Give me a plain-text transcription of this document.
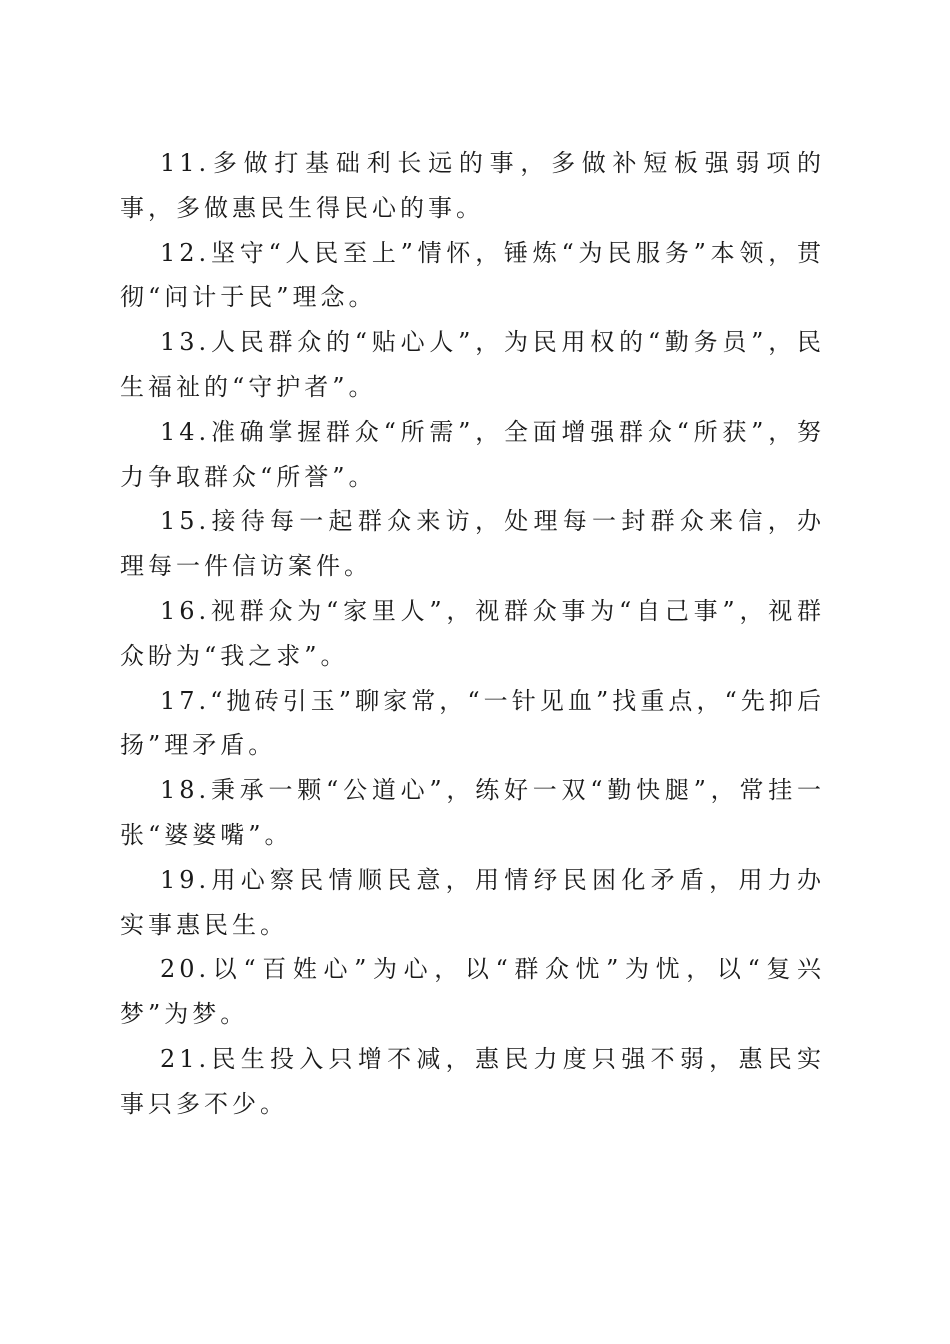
11.多做打基础利长远的事，多做补短板强弱项的事，多做惠民生得民心的事。

12.坚守“人民至上”情怀，锤炼“为民服务”本领，贯彻“问计于民”理念。

13.人民群众的“贴心人”，为民用权的“勤务员”，民生福祉的“守护者”。

14.准确掌握群众“所需”，全面增强群众“所获”，努力争取群众“所誉”。

15.接待每一起群众来访，处理每一封群众来信，办理每一件信访案件。

16.视群众为“家里人”，视群众事为“自己事”，视群众盼为“我之求”。

17.“抛砖引玉”聊家常，“一针见血”找重点，“先抑后扬”理矛盾。

18.秉承一颗“公道心”，练好一双“勤快腿”，常挂一张“婆婆嘴”。

19.用心察民情顺民意，用情纾民困化矛盾，用力办实事惠民生。

20.以“百姓心”为心，以“群众忧”为忧，以“复兴梦”为梦。

21.民生投入只增不减，惠民力度只强不弱，惠民实事只多不少。
